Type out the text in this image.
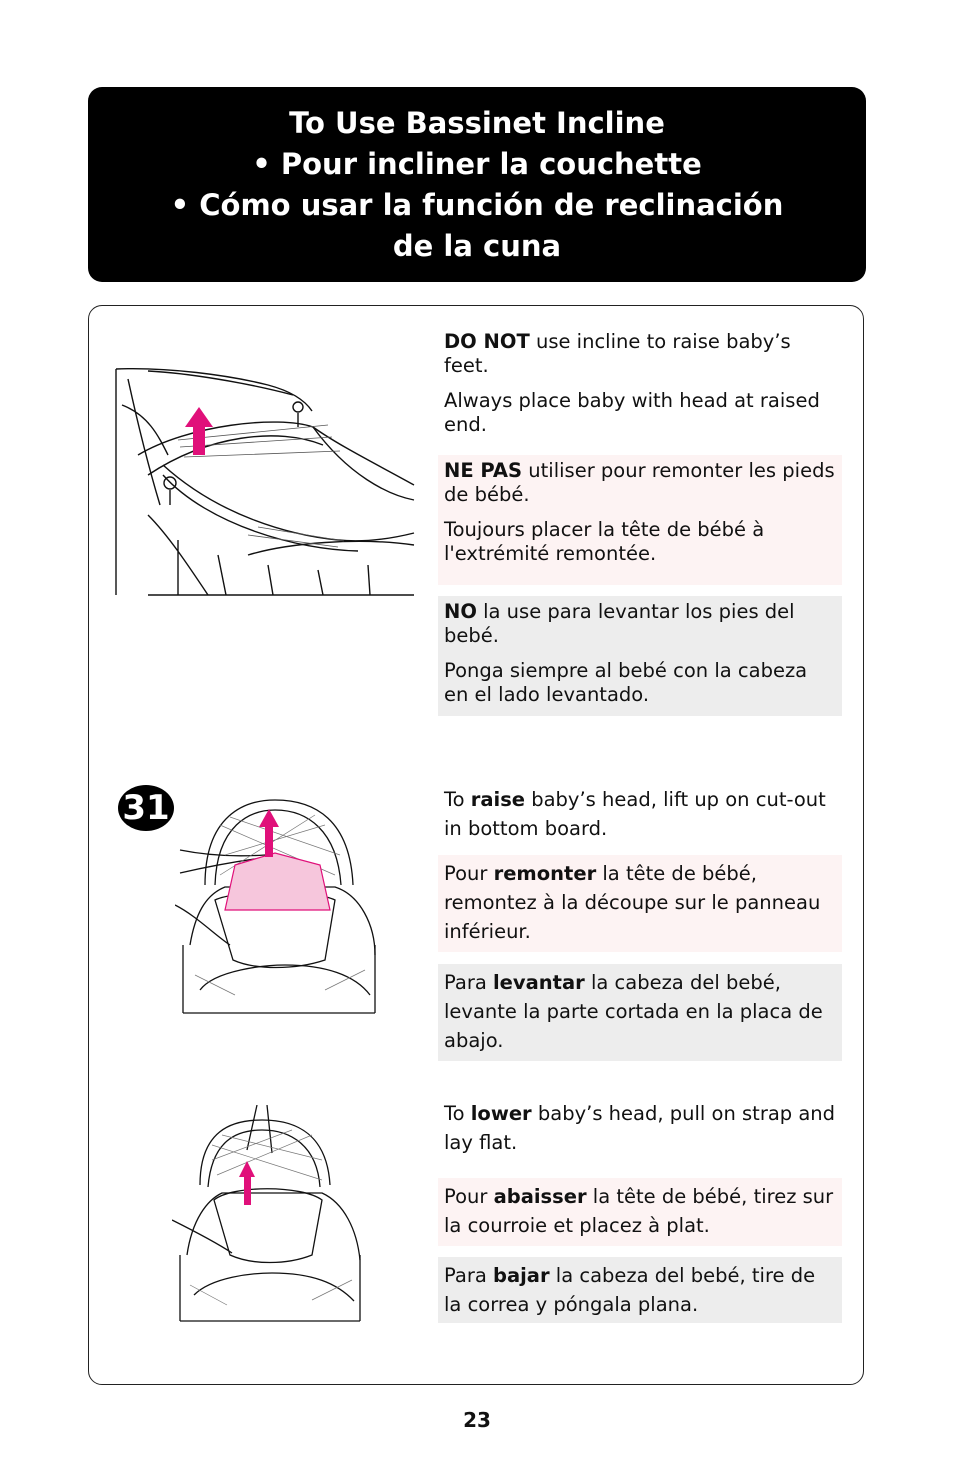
To Use Bassinet Incline
• Pour incliner la couchette
• Cómo usar la función de reclinación
de la cuna

DO NOT use incline to raise baby’s feet.

Always place baby with head at raised end.

NE PAS utiliser pour remonter les pieds de bébé.

Toujours placer la tête de bébé à l'extrémité remontée.

NO la use para levantar los pies del bebé.

Ponga siempre al bebé con la cabeza en el lado levantado.

31	To raise baby’s head, lift up on cut-out in bottom board.

Pour remonter la tête de bébé, remontez à la découpe sur le panneau inférieur.

Para levantar la cabeza del bebé, levante la parte cortada en la placa de abajo.

To lower baby’s head, pull on strap and lay flat.

Pour abaisser la tête de bébé, tirez sur la courroie et placez à plat.

Para bajar la cabeza del bebé, tire de la correa y póngala plana.

23
